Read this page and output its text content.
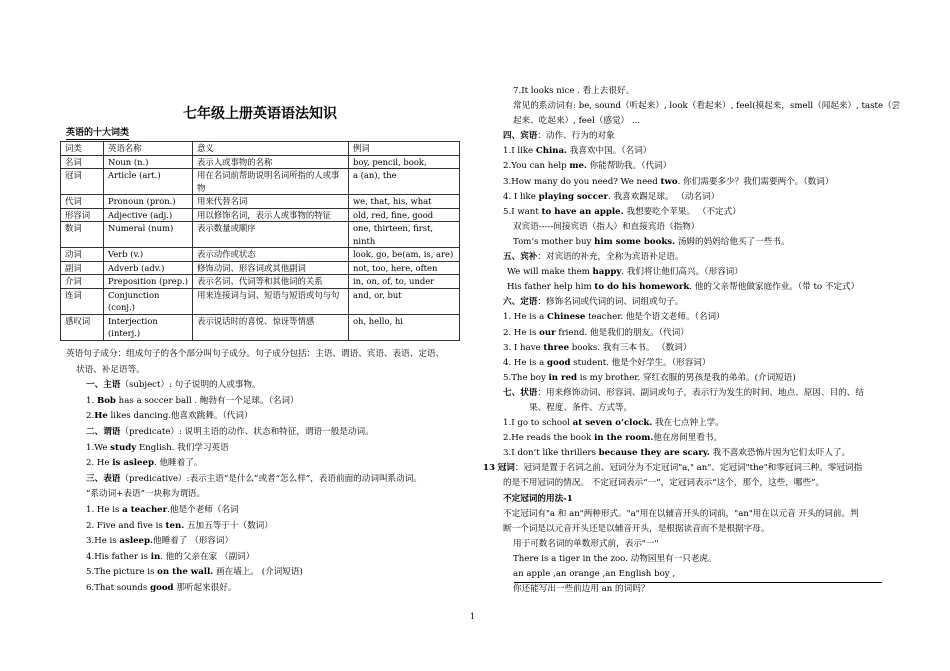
七年级上册英语语法知识
英语的十大词类
词类	英语名称	意义	例词
名词	Noun (n.)	表示人或事物的名称	boy, pencil, book,
冠词	Article (art.)	用在名词前帮助说明名词所指的人或事物	a (an), the
代词	Pronoun (pron.)	用来代替名词	we, that, his, what
形容词	Adjective (adj.)	用以修饰名词，表示人或事物的特征	old, red, fine, good
数词	Numeral (num)	表示数量或顺序	one, thirteen, first, ninth
动词	Verb (v.)	表示动作或状态	look, go, be(am, is, are)
副词	Adverb (adv.)	修饰动词、形容词或其他副词	not, too, here, often
介词	Preposition (prep.)	表示名词、代词等和其他词的关系	in, on, of, to, under
连词	Conjunction (conj.)	用来连接词与词、短语与短语或句与句	and, or, but
感叹词	Interjection (interj.)	表示说话时的喜悦、惊讶等情感	oh, hello, hi
英语句子成分：组成句子的各个部分叫句子成分。句子成分包括：主语、谓语、宾语、表语、定语、
状语、补足语等。
一、主语（subject）: 句子说明的人或事物。
1. Bob has a soccer ball . 鲍勃有一个足球。（名词）
2.He likes dancing.他喜欢跳舞。（代词）
二、谓语（predicate）: 说明主语的动作、状态和特征，谓语一般是动词。
1.We study English. 我们学习英语
2. He is asleep. 他睡着了。
三、表语（predicative）:表示主语“是什么”或者“怎么样”，表语前面的动词叫系动词。
“系动词+表语”一块称为谓语。
1. He is a teacher.他是个老师（名词
2. Five and five is ten. 五加五等于十（数词）
3.He is asleep.他睡着了 （形容词）
4.His father is in. 他的父亲在家 （副词）
5.The picture is on the wall. 画在墙上。 (介词短语)
6.That sounds good 那听起来很好。
7.It looks nice . 看上去很好。
常见的系动词有: be, sound（听起来）, look（看起来）, feel(摸起来，smell（闻起来）, taste（尝
起来、吃起来）, feel（感觉） ...
四、宾语：动作、行为的对象
1.I like China. 我喜欢中国。（名词）
2.You can help me. 你能帮助我。（代词）
3.How many do you need? We need two. 你们需要多少？我们需要两个。（数词）
4. I like playing soccer. 我喜欢踢足球。 （动名词）
5.I want to have an apple. 我想要吃个苹果。 （不定式）
双宾语-----间接宾语（指人）和直接宾语（指物）
Tom’s mother buy him some books. 汤姆的妈妈给他买了一些书。
五、宾补：对宾语的补充，全称为宾语补足语。
We will make them happy. 我们将让他们高兴。（形容词）
His father help him to do his homework. 他的父亲帮他做家庭作业。（带 to 不定式）
六、定语：修饰名词或代词的词、词组或句子。
1. He is a Chinese teacher. 他是个语文老师。（名词）
2. He is our friend. 他是我们的朋友。（代词）
3. I have three books. 我有三本书。 （数词）
4. He is a good student. 他是个好学生。（形容词）
5.The boy in red is my brother. 穿红衣服的男孩是我的弟弟。(介词短语)
七、状语：用来修饰动词、形容词、副词或句子，表示行为发生的时间、地点、原因、目的、结
果、程度、条件、方式等。
1.I go to school at seven o’clock. 我在七点钟上学。
2.He reads the book in the room.他在房间里看书。
3.I don’t like thrillers because they are scary. 我不喜欢恐怖片因为它们太吓人了。
13 冠词：冠词是置于名词之前、冠词分为不定冠词"a," an"、定冠词"the"和零冠词三种。零冠词指
的是不用冠词的情况。 不定冠词表示“一”，定冠词表示“这个，那个，这些，哪些”。
不定冠词的用法-1
不定冠词有"a 和 an"两种形式。"a"用在以辅音开头的词前，"an"用在以元音 开头的词前。判
断一个词是以元音开头还是以辅音开头，是根据读音而不是根据字母。
用于可数名词的单数形式前，表示"一"
There is a tiger in the zoo. 动物园里有一只老虎。
an apple ,an orange ,an English boy ,
你还能写出一些前边用 an 的词吗？
1
